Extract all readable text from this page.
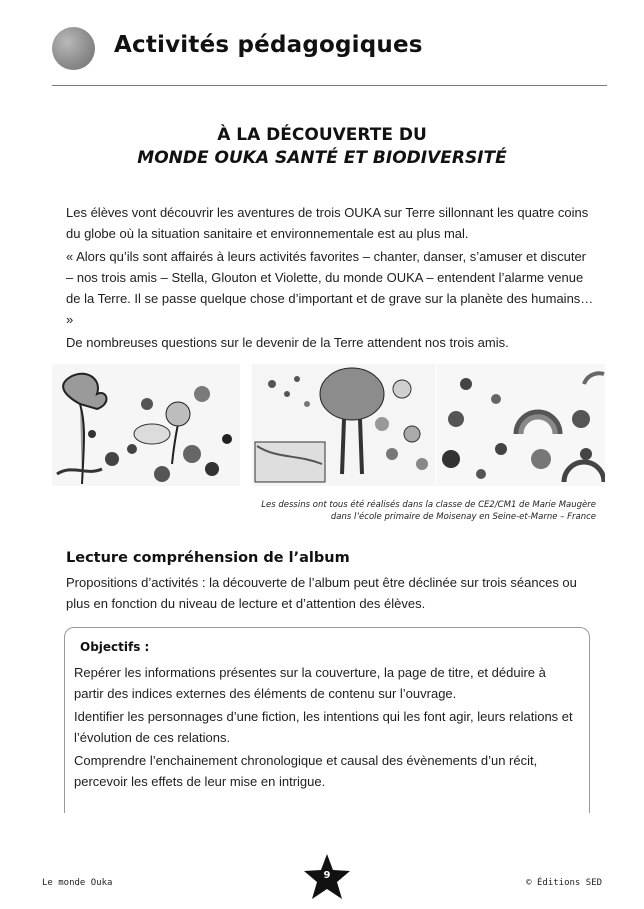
Activités pédagogiques
À LA DÉCOUVERTE DU
MONDE OUKA SANTÉ ET BIODIVERSITÉ

Les élèves vont découvrir les aventures de trois OUKA sur Terre sillonnant les quatre coins du globe où la situation sanitaire et environnementale est au plus mal.

« Alors qu’ils sont affairés à leurs activités favorites – chanter, danser, s’amuser et discuter – nos trois amis – Stella, Glouton et Violette, du monde OUKA – entendent l’alarme venue de la Terre. Il se passe quelque chose d’important et de grave sur la planète des humains… »

De nombreuses questions sur le devenir de la Terre attendent nos trois amis.

Les dessins ont tous été réalisés dans la classe de CE2/CM1 de Marie Maugère
dans l’école primaire de Moisenay en Seine-et-Marne – France
Lecture compréhension de l’album
Propositions d’activités : la découverte de l’album peut être déclinée sur trois séances ou plus en fonction du niveau de lecture et d’attention des élèves.
Objectifs :

Repérer les informations présentes sur la couverture, la page de titre, et déduire à partir des indices externes des éléments de contenu sur l’ouvrage.

Identifier les personnages d’une fiction, les intentions qui les font agir, leurs relations et l’évolution de ces relations.

Comprendre l’enchainement chronologique et causal des évènements d’un récit, percevoir les effets de leur mise en intrigue.

Le monde Ouka
9
© Éditions SED
